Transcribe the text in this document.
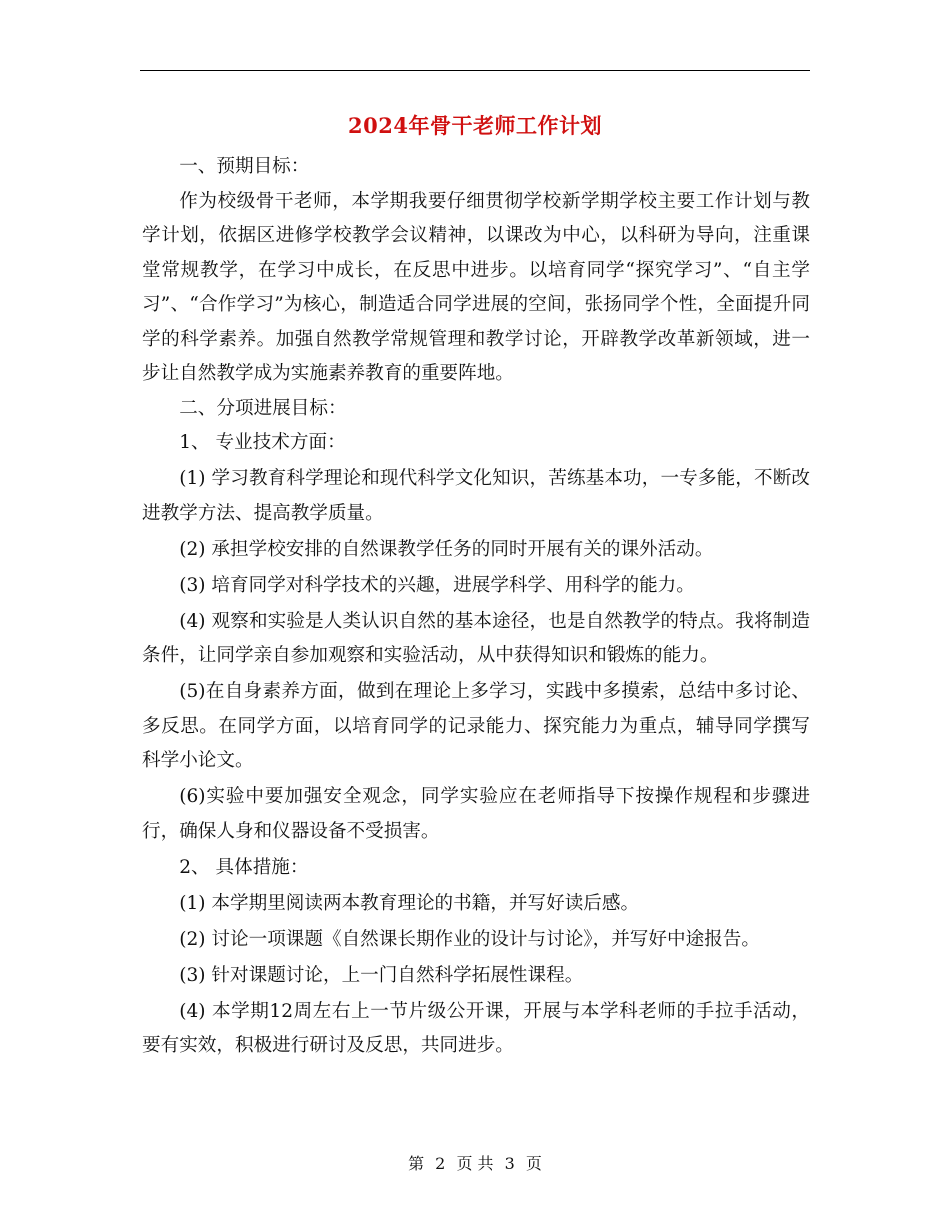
2024年骨干老师工作计划

一、预期目标：

作为校级骨干老师，本学期我要仔细贯彻学校新学期学校主要工作计划与教学计划，依据区进修学校教学会议精神，以课改为中心，以科研为导向，注重课堂常规教学，在学习中成长，在反思中进步。以培育同学“探究学习”、“自主学习”、“合作学习”为核心，制造适合同学进展的空间，张扬同学个性，全面提升同学的科学素养。加强自然教学常规管理和教学讨论，开辟教学改革新领域，进一步让自然教学成为实施素养教育的重要阵地。

二、分项进展目标：

1、 专业技术方面：

(1) 学习教育科学理论和现代科学文化知识，苦练基本功，一专多能，不断改进教学方法、提高教学质量。

(2) 承担学校安排的自然课教学任务的同时开展有关的课外活动。

(3) 培育同学对科学技术的兴趣，进展学科学、用科学的能力。

(4) 观察和实验是人类认识自然的基本途径，也是自然教学的特点。我将制造条件，让同学亲自参加观察和实验活动，从中获得知识和锻炼的能力。

(5)在自身素养方面，做到在理论上多学习，实践中多摸索，总结中多讨论、多反思。在同学方面，以培育同学的记录能力、探究能力为重点，辅导同学撰写科学小论文。

(6)实验中要加强安全观念，同学实验应在老师指导下按操作规程和步骤进行，确保人身和仪器设备不受损害。

2、 具体措施：

(1) 本学期里阅读两本教育理论的书籍，并写好读后感。

(2) 讨论一项课题《自然课长期作业的设计与讨论》，并写好中途报告。

(3) 针对课题讨论，上一门自然科学拓展性课程。

(4) 本学期12周左右上一节片级公开课，开展与本学科老师的手拉手活动，要有实效，积极进行研讨及反思，共同进步。

第 2 页 共 3 页
